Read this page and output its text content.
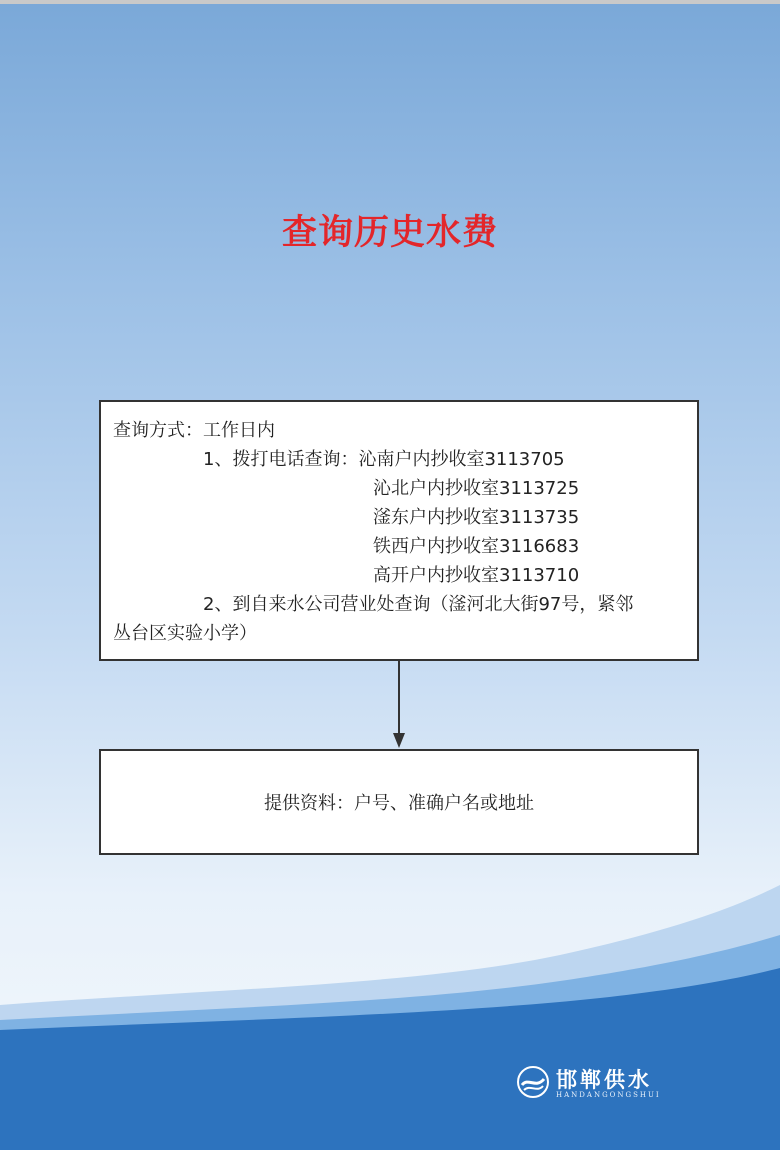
查询历史水费
查询方式：工作日内
1、拨打电话查询：沁南户内抄收室3113705
沁北户内抄收室3113725
滏东户内抄收室3113735
铁西户内抄收室3116683
高开户内抄收室3113710
2、到自来水公司营业处查询（滏河北大街97号，紧邻
丛台区实验小学）
提供资料：户号、准确户名或地址
邯郸供水
HANDANGONGSHUI
